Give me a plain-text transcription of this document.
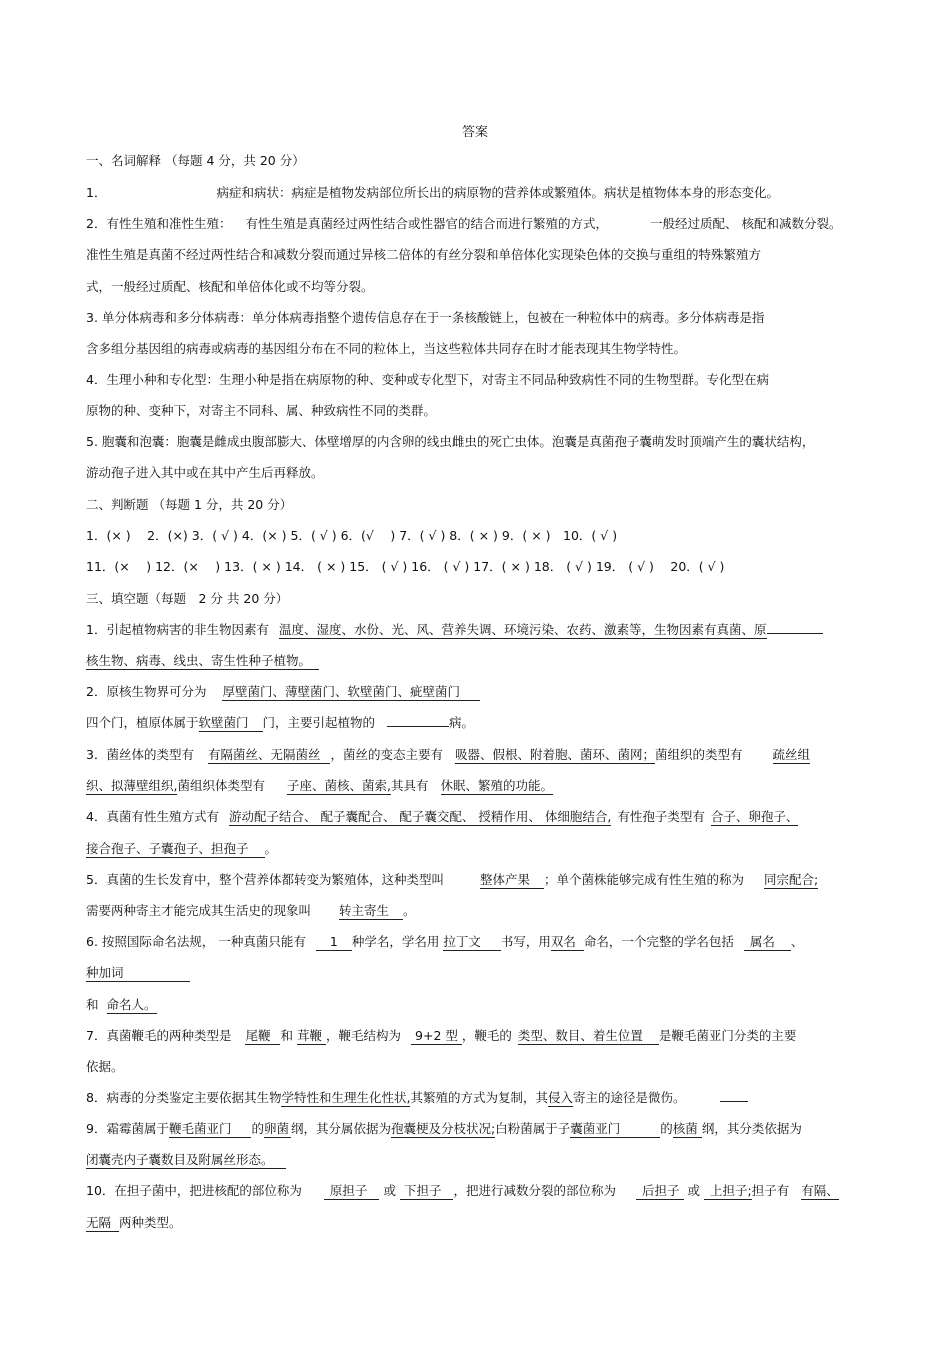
答案
一、名词解释 （每题 4 分，共 20 分）
1．	病症和病状：病症是植物发病部位所长出的病原物的营养体或繁殖体。病状是植物体本身的形态变化。
2．有性生殖和准性生殖： 有性生殖是真菌经过两性结合或性器官的结合而进行繁殖的方式，	一般经过质配、 核配和减数分裂。
准性生殖是真菌不经过两性结合和减数分裂而通过异核二倍体的有丝分裂和单倍体化实现染色体的交换与重组的特殊繁殖方
式，一般经过质配、核配和单倍体化或不均等分裂。
3. 单分体病毒和多分体病毒：单分体病毒指整个遗传信息存在于一条核酸链上，包被在一种粒体中的病毒。多分体病毒是指
含多组分基因组的病毒或病毒的基因组分布在不同的粒体上，当这些粒体共同存在时才能表现其生物学特性。
4．生理小种和专化型：生理小种是指在病原物的种、变种或专化型下，对寄主不同品种致病性不同的生物型群。专化型在病
原物的种、变种下，对寄主不同科、属、种致病性不同的类群。
5. 胞囊和泡囊：胞囊是雌成虫腹部膨大、体壁增厚的内含卵的线虫雌虫的死亡虫体。泡囊是真菌孢子囊萌发时顶端产生的囊状结构，
游动孢子进入其中或在其中产生后再释放。
二、判断题 （每题 1 分，共 20 分）
1．(× )　 2．(×) 3．( √ ) 4．(× ) 5．( √ ) 6．(√　 ) 7．( √ ) 8．( × ) 9．( × )　10．( √ )
11．(×　 ) 12．(×　 ) 13．( × ) 14． ( × ) 15． ( √ ) 16． ( √ ) 17．( × ) 18． ( √ ) 19． ( √ )　 20．( √ )
三、填空题（每题　2 分 共 20 分）
1．引起植物病害的非生物因素有 温度、湿度、水份、光、风、营养失调、环境污染、农药、激素等，生物因素有真菌、原
核生物、病毒、线虫、寄生性种子植物。
2．原核生物界可分为 厚壁菌门、薄壁菌门、软壁菌门、疵壁菌门
四个门，植原体属于软壁菌门 门，主要引起植物的	病。
3．菌丝体的类型有 有隔菌丝、无隔菌丝 ，菌丝的变态主要有 吸器、假根、附着胞、菌环、菌网；菌组织的类型有 疏丝组
织、拟薄壁组织,菌组织体类型有 子座、菌核、菌索,其具有 休眠、繁殖的功能。
4．真菌有性生殖方式有 游动配子结合、 配子囊配合、 配子囊交配、 授精作用、 体细胞结合, 有性孢子类型有 合子、卵孢子、
接合孢子、子囊孢子、担孢子 。
5．真菌的生长发育中，整个营养体都转变为繁殖体，这种类型叫	整体产果 ；单个菌株能够完成有性生殖的称为 同宗配合;
需要两种寄主才能完成其生活史的现象叫 转主寄生 。
6. 按照国际命名法规， 一种真菌只能有 1 种学名，学名用 拉丁文 书写，用双名 命名，一个完整的学名包括 属名 、
种加词
和 命名人。
7．真菌鞭毛的两种类型是 尾鞭 和 茸鞭 ，鞭毛结构为 9+2 型 ，鞭毛的 类型、数目、着生位置 是鞭毛菌亚门分类的主要
依据。
8．病毒的分类鉴定主要依据其生物学特性和生理生化性状,其繁殖的方式为复制，其侵入寄主的途径是微伤。
9．霜霉菌属于鞭毛菌亚门 的卵菌 纲，其分属依据为孢囊梗及分枝状况;白粉菌属于子囊菌亚门	的核菌 纲，其分类依据为
闭囊壳内子囊数目及附属丝形态。
10．在担子菌中，把进核配的部位称为 原担子 或 下担子 ，把进行减数分裂的部位称为 后担子 或 上担子;担子有 有隔、
无隔 两种类型。
